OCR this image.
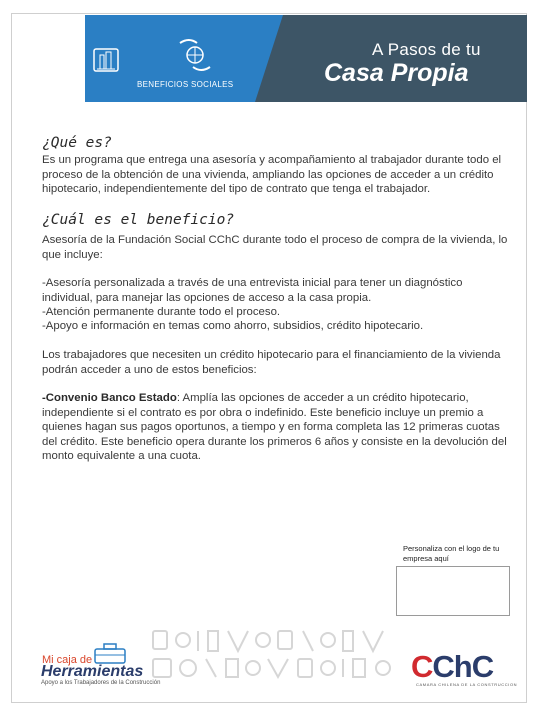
BENEFICIOS SOCIALES
A Pasos de tu
Casa Propia
¿Qué es?
Es un programa que entrega una asesoría y acompañamiento al trabajador durante todo el proceso de la obtención de una vivienda, ampliando las opciones de acceder a un crédito hipotecario, independientemente del tipo de contrato que tenga el trabajador.
¿Cuál es el beneficio?
Asesoría de la Fundación Social CChC durante todo el proceso de compra de la vivienda, lo que incluye:
-Asesoría personalizada a través de una entrevista inicial para tener un diagnóstico individual, para manejar las opciones de acceso a la casa propia.
-Atención permanente durante todo el proceso.
-Apoyo e información en temas como ahorro, subsidios, crédito hipotecario.
Los trabajadores que necesiten un crédito hipotecario para el financiamiento de la vivienda podrán acceder a uno de estos beneficios:
-Convenio Banco Estado: Amplía las opciones de acceder a un crédito hipotecario, independiente si el contrato es por obra o indefinido. Este beneficio incluye un premio a quienes hagan sus pagos oportunos, a tiempo y en forma completa las 12 primeras cuotas del crédito. Este beneficio opera durante los primeros 6 años y consiste en la devolución del monto equivalente a una cuota.
Personaliza con el logo de tu empresa aquí
Mi caja de
Herramientas
Apoyo a los Trabajadores de la Construcción	CChC
CAMARA CHILENA DE LA CONSTRUCCION
